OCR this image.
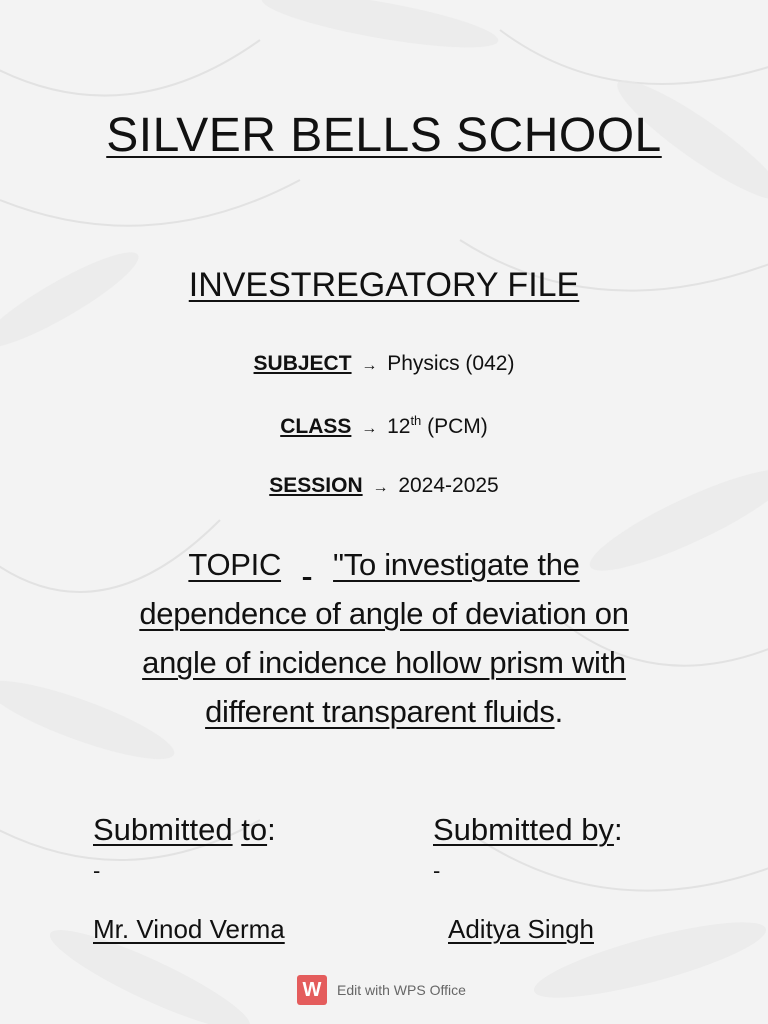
SILVER BELLS SCHOOL
INVESTREGATORY FILE
SUBJECT → Physics (042)
CLASS → 12th (PCM)
SESSION → 2024-2025
TOPIC "To investigate the
dependence of angle of deviation on
angle of incidence hollow prism with
different transparent fluids.
Submitted to:
-
Mr. Vinod Verma
Submitted by:
-
Aditya Singh
W	Edit with WPS Office
